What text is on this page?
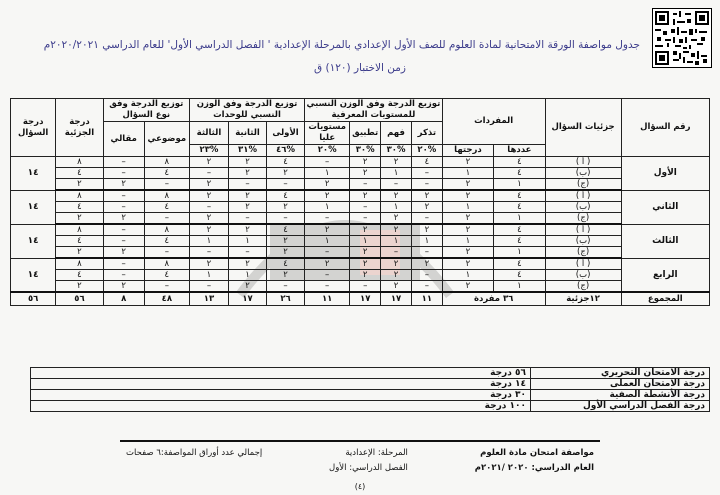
جدول مواصفة الورقة الامتحانية لمادة العلوم للصف الأول الإعدادي بالمرحلة الإعدادية ' الفصل الدراسي الأول' للعام الدراسي ٢٠٢٠/٢٠٢١م
زمن الاختبار (١٢٠) ق
رقم السؤال	جزئيات السؤال	المفردات		توزيع الدرجة وفق الوزن النسبي للمستويات المعرفية				توزيع الدرجة وفق الوزن النسبي للوحدات			توزيع الدرجة وفق نوع السؤال		درجة الجزئية	درجة السؤال
				تذكر	فهم	تطبيق	مستويات عليا	الأولى	الثانية	الثالثة	موضوعي	مقالي		
		عددها	درجتها	%٢٠	%٣٠	%٣٠	%٢٠	%٤٦	%٣١	%٢٣				
الأول	( أ )	٤	٢	٤	٢	٢	–	٤	٢	٢	٨	–	٨	١٤
	(ب)	٤	١	–	١	٢	١	٢	٢	–	٤	–	٤	
	(ج)	١	٢	–	–	–	٢	–	–	٢	–	٢	٢	
الثاني	( أ )	٤	٢	٢	٢	٢	٢	٤	٢	٢	٨	–	٨	١٤
	(ب)	٤	١	٢	١	–	١	٢	٢	–	٤	–	٤	
	(ج)	١	٢	–	٢	–	–	–	–	٢	–	٢	٢	
الثالث	( أ )	٤	٢	٢	٢	٢	٢	٤	٢	٢	٨	–	٨	١٤
	(ب)	٤	١	١	١	١	١	٢	١	١	٤	–	٤	
	(ج)	١	٢	–	–	٢	–	٢	–	–	–	٢	٢	
الرابع	( أ )	٤	٢	٢	٢	٢	٢	٤	٢	٢	٨	–	٨	١٤
	(ب)	٤	١	–	٢	٢	–	٢	١	١	٤	–	٤	
	(ج)	١	٢	–	٢	–	–	–	٢	–	–	٢	٢	
المجموع	١٢جزئية	٣٦ مفردة		١١	١٧	١٧	١١	٢٦	١٧	١٣	٤٨	٨	٥٦	٥٦
درجة الامتحان التحريري	٥٦ درجة
درجة الامتحان العملى	١٤ درجة
درجة الأنشطة الصفية	٣٠ درجة
درجة الفصل الدراسي الأول	١٠٠ درجة
مواصفة امتحان مادة العلوم
العام الدراسي: ٢٠٢٠ /٢٠٢١م
المرحلة: الإعدادية
الفصل الدراسي: الأول
إجمالي عدد أوراق المواصفة:٦ صفحات
(٤)
